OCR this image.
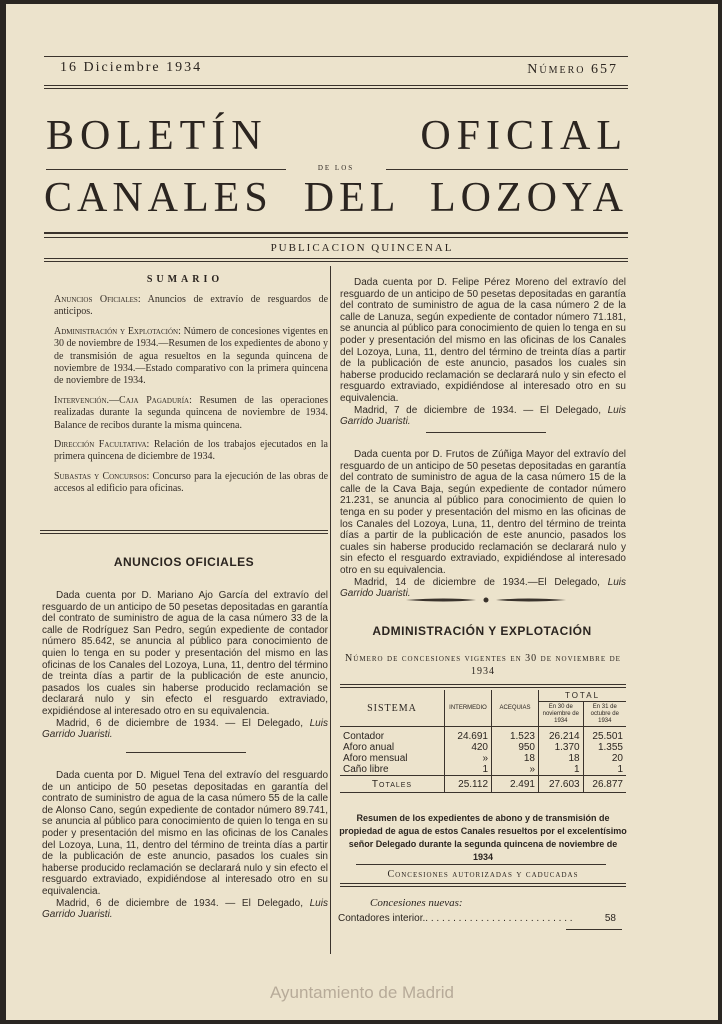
16 Diciembre 1934	Número 657
BOLETÍN OFICIAL
DE LOS
CANALES DEL LOZOYA
PUBLICACION QUINCENAL
SUMARIO

Anuncios Oficiales: Anuncios de extravío de resguardos de anticipos.

Administración y Explotación: Número de concesiones vigentes en 30 de noviembre de 1934.—Resumen de los expedientes de abono y de transmisión de agua resueltos en la segunda quincena de noviembre de 1934.—Estado comparativo con la primera quincena de noviembre de 1934.

Intervención.—Caja Pagaduría: Resumen de las operaciones realizadas durante la segunda quincena de noviembre de 1934. Balance de recibos durante la misma quincena.

Dirección Facultativa: Relación de los trabajos ejecutados en la primera quincena de diciembre de 1934.

Subastas y Concursos: Concurso para la ejecución de las obras de accesos al edificio para oficinas.

ANUNCIOS OFICIALES

Dada cuenta por D. Mariano Ajo García del extravío del resguardo de un anticipo de 50 pesetas depositadas en garantía del contrato de suministro de agua de la casa número 33 de la calle de Rodríguez San Pedro, según expediente de contador número 85.642, se anuncia al público para conocimiento de quien lo tenga en su poder y presentación del mismo en las oficinas de los Canales del Lozoya, Luna, 11, dentro del término de treinta días a partir de la publicación de este anuncio, pasados los cuales sin haberse producido reclamación se declarará nulo y sin efecto el resguardo extraviado, expidiéndose al interesado otro en su equivalencia.

Madrid, 6 de diciembre de 1934. — El Delegado, Luis Garrido Juaristi.

Dada cuenta por D. Miguel Tena del extravío del resguardo de un anticipo de 50 pesetas depositadas en garantía del contrato de suministro de agua de la casa número 55 de la calle de Alonso Cano, según expediente de contador número 89.741, se anuncia al público para conocimiento de quien lo tenga en su poder y presentación del mismo en las oficinas de los Canales del Lozoya, Luna, 11, dentro del término de treinta días a partir de la publicación de este anuncio, pasados los cuales sin haberse producido reclamación se declarará nulo y sin efecto el resguardo extraviado, expidiéndose al interesado otro en su equivalencia.

Madrid, 6 de diciembre de 1934. — El Delegado, Luis Garrido Juaristi.

Dada cuenta por D. Felipe Pérez Moreno del extravío del resguardo de un anticipo de 50 pesetas depositadas en garantía del contrato de suministro de agua de la casa número 2 de la calle de Lanuza, según expediente de contador número 71.181, se anuncia al público para conocimiento de quien lo tenga en su poder y presentación del mismo en las oficinas de los Canales del Lozoya, Luna, 11, dentro del término de treinta días a partir de la publicación de este anuncio, pasados los cuales sin haberse producido reclamación se declarará nulo y sin efecto el resguardo extraviado, expidiéndose al interesado otro en su equivalencia.

Madrid, 7 de diciembre de 1934. — El Delegado, Luis Garrido Juaristi.

Dada cuenta por D. Frutos de Zúñiga Mayor del extravío del resguardo de un anticipo de 50 pesetas depositadas en garantía del contrato de suministro de agua de la casa número 15 de la calle de la Cava Baja, según expediente de contador número 21.231, se anuncia al público para conocimiento de quien lo tenga en su poder y presentación del mismo en las oficinas de los Canales del Lozoya, Luna, 11, dentro del término de treinta días a partir de la publicación de este anuncio, pasados los cuales sin haberse producido reclamación se declarará nulo y sin efecto el resguardo extraviado, expidiéndose al interesado otro en su equivalencia.

Madrid, 14 de diciembre de 1934.—El Delegado, Luis Garrido Juaristi.

ADMINISTRACIÓN Y EXPLOTACIÓN
Número de concesiones vigentes en 30 de noviembre de 1934
SISTEMA	INTERMEDIO	ACEQUIAS	TOTAL	
			En 30 de noviembre de 1934	En 31 de octubre de 1934

Contador	24.691	1.523	26.214	25.501
Aforo anual	420	950	1.370	1.355
Aforo mensual	»	18	18	20
Caño libre	1	»	1	1
Totales	25.112	2.491	27.603	26.877
Resumen de los expedientes de abono y de transmisión de propiedad de agua de estos Canales resueltos por el excelentísimo señor Delegado durante la segunda quincena de noviembre de 1934
Concesiones autorizadas y caducadas
Concesiones nuevas:
Contadores interior.. . . . . . . . . . . . . . . . . . . . . . . . . . .	58
Ayuntamiento de Madrid
